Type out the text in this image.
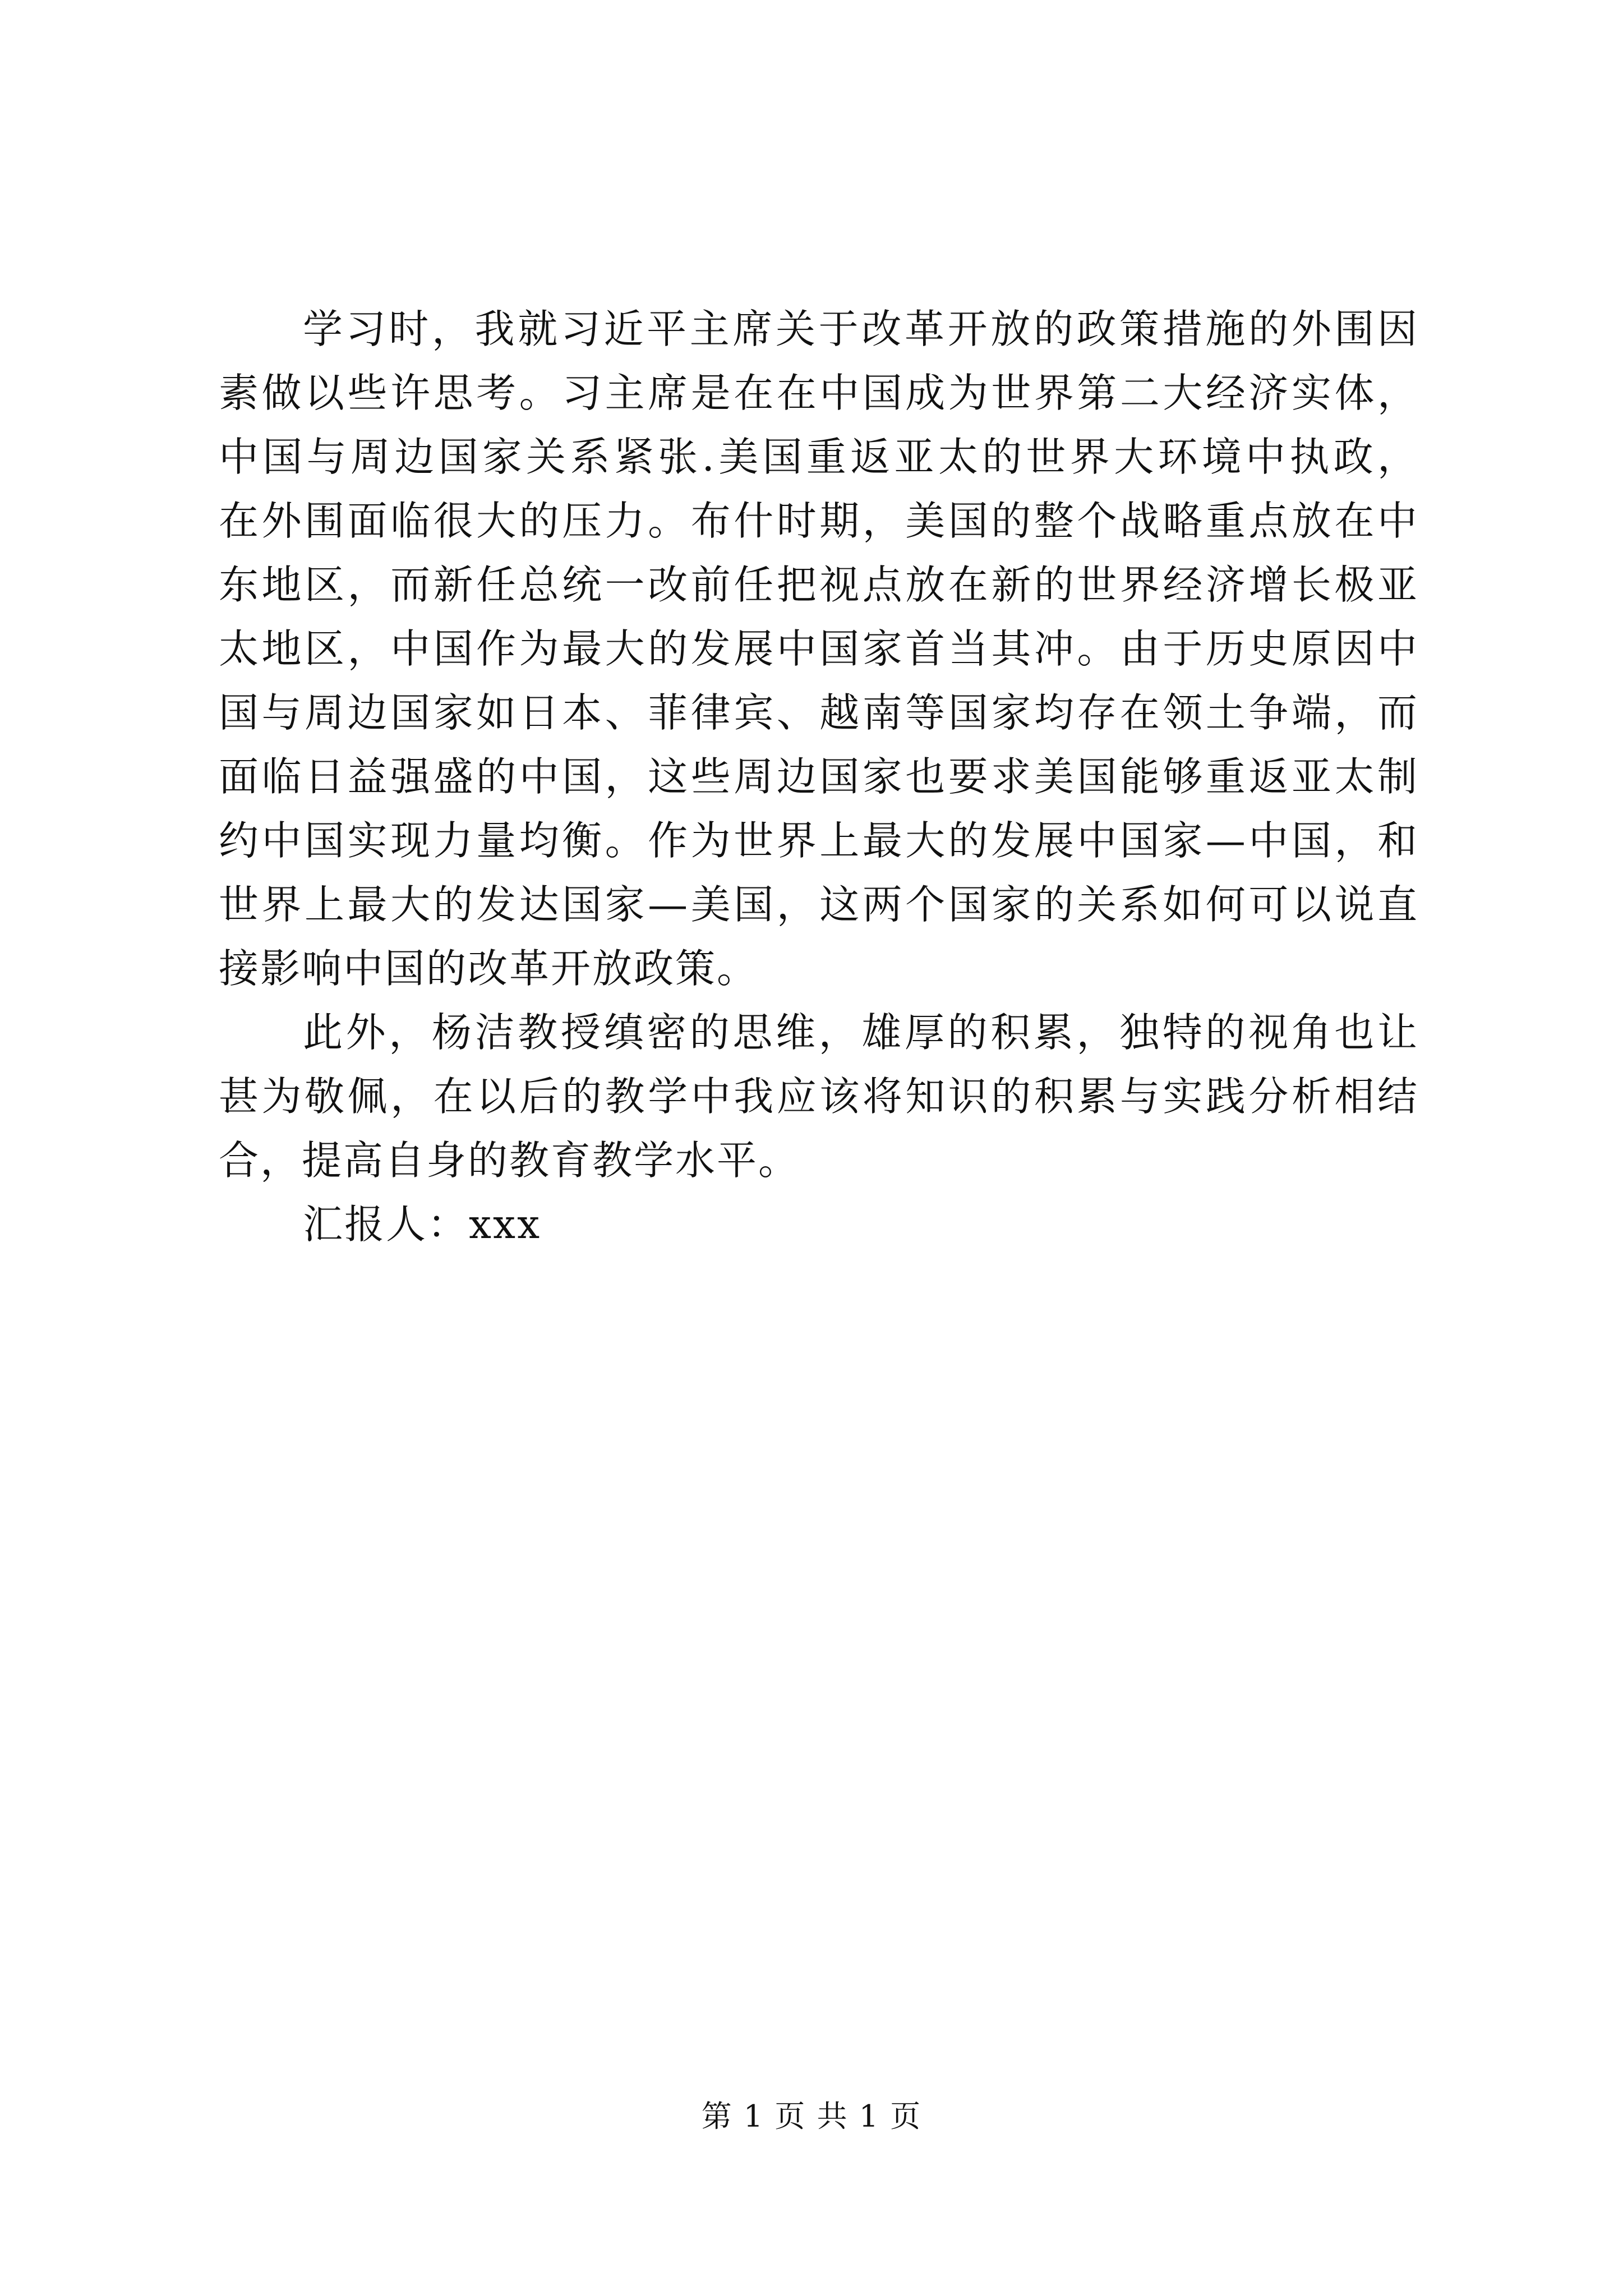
学习时，我就习近平主席关于改革开放的政策措施的外围因
素做以些许思考。习主席是在在中国成为世界第二大经济实体，
中国与周边国家关系紧张.美国重返亚太的世界大环境中执政，
在外围面临很大的压力。布什时期，美国的整个战略重点放在中
东地区，而新任总统一改前任把视点放在新的世界经济增长极亚
太地区，中国作为最大的发展中国家首当其冲。由于历史原因中
国与周边国家如日本、菲律宾、越南等国家均存在领土争端，而
面临日益强盛的中国，这些周边国家也要求美国能够重返亚太制
约中国实现力量均衡。作为世界上最大的发展中国家—中国，和
世界上最大的发达国家—美国，这两个国家的关系如何可以说直
接影响中国的改革开放政策。
此外，杨洁教授缜密的思维，雄厚的积累，独特的视角也让
甚为敬佩，在以后的教学中我应该将知识的积累与实践分析相结
合，提高自身的教育教学水平。
汇报人：xxx
第 1 页 共 1 页
